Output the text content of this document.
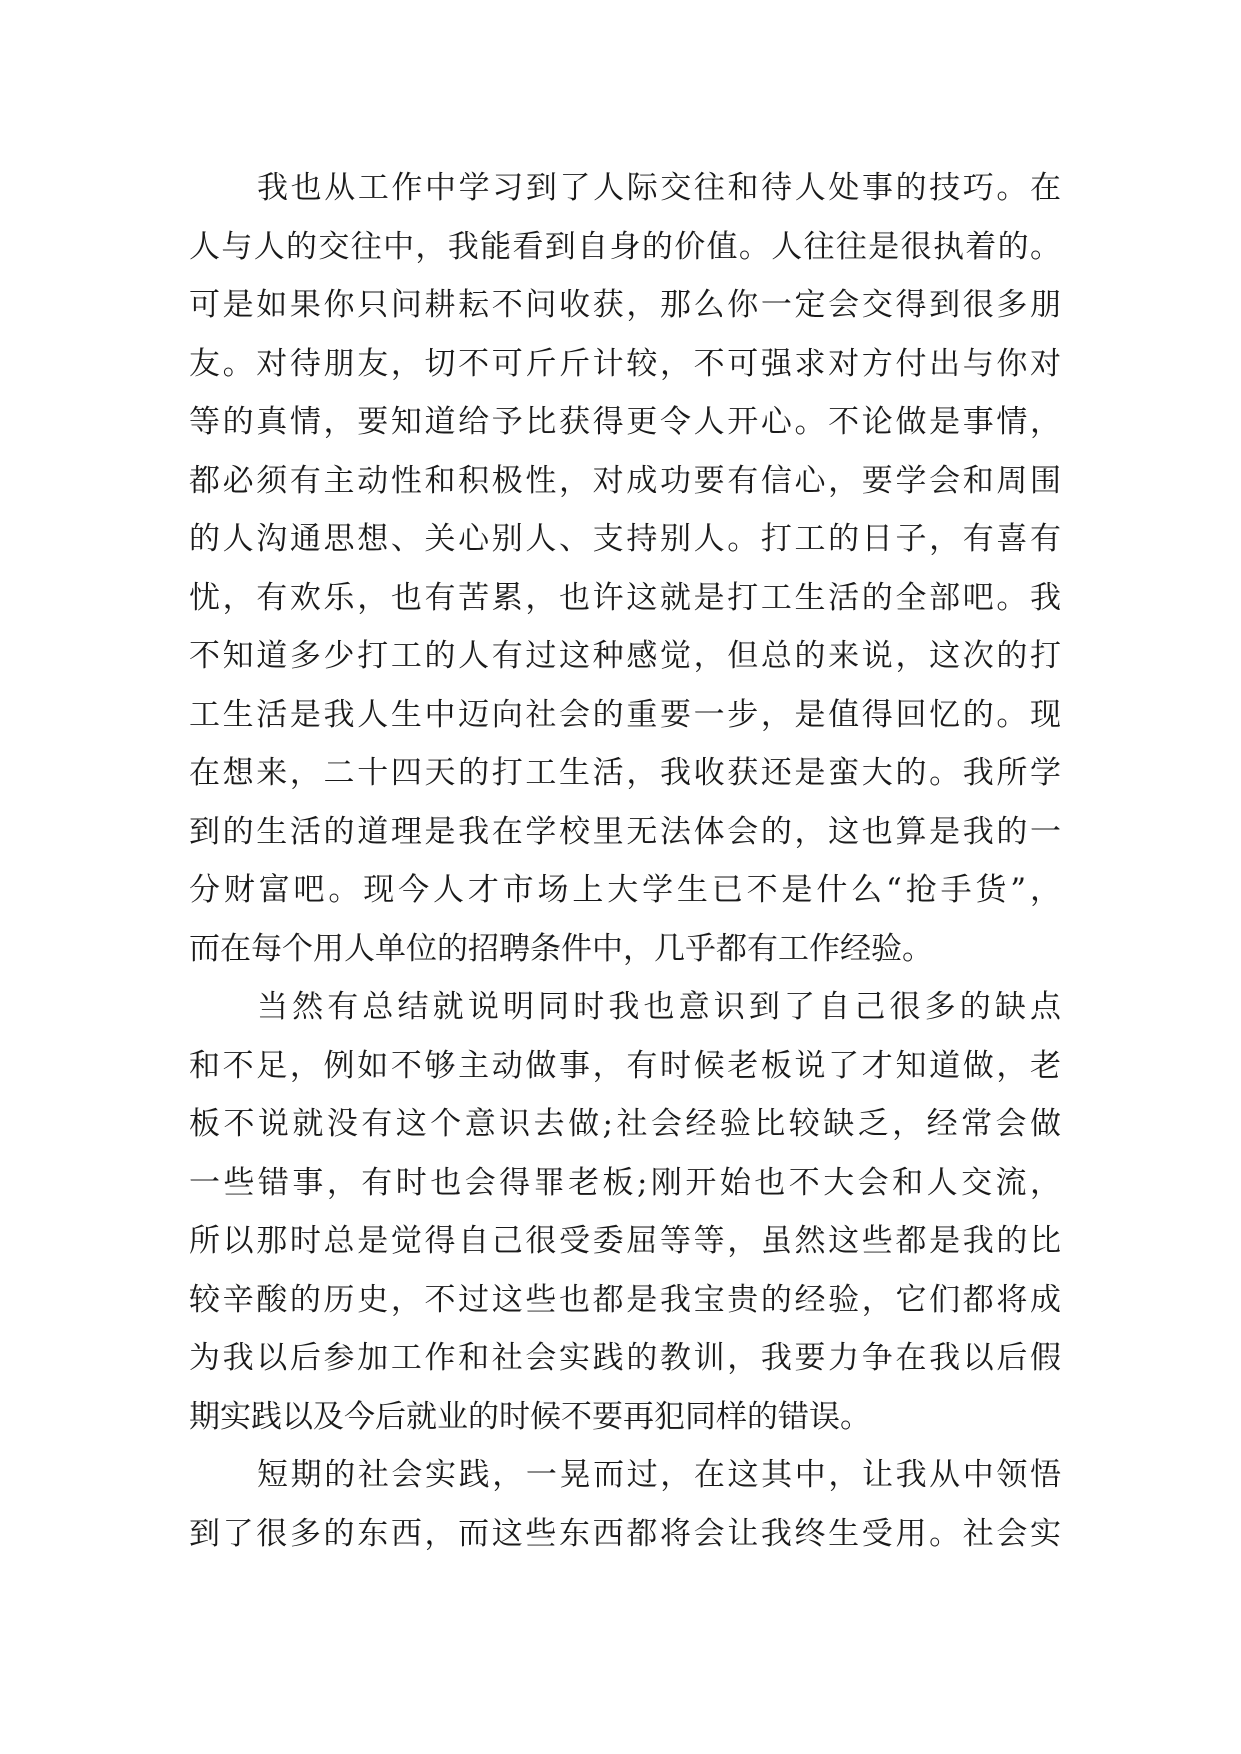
我也从工作中学习到了人际交往和待人处事的技巧。在
人与人的交往中，我能看到自身的价值。人往往是很执着的。
可是如果你只问耕耘不问收获，那么你一定会交得到很多朋
友。对待朋友，切不可斤斤计较，不可强求对方付出与你对
等的真情，要知道给予比获得更令人开心。不论做是事情，
都必须有主动性和积极性，对成功要有信心，要学会和周围
的人沟通思想、关心别人、支持别人。打工的日子，有喜有
忧，有欢乐，也有苦累，也许这就是打工生活的全部吧。我
不知道多少打工的人有过这种感觉，但总的来说，这次的打
工生活是我人生中迈向社会的重要一步，是值得回忆的。现
在想来，二十四天的打工生活，我收获还是蛮大的。我所学
到的生活的道理是我在学校里无法体会的，这也算是我的一
分财富吧。现今人才市场上大学生已不是什么“抢手货”，
而在每个用人单位的招聘条件中，几乎都有工作经验。
当然有总结就说明同时我也意识到了自己很多的缺点
和不足，例如不够主动做事，有时候老板说了才知道做，老
板不说就没有这个意识去做;社会经验比较缺乏，经常会做
一些错事，有时也会得罪老板;刚开始也不大会和人交流，
所以那时总是觉得自己很受委屈等等，虽然这些都是我的比
较辛酸的历史，不过这些也都是我宝贵的经验，它们都将成
为我以后参加工作和社会实践的教训，我要力争在我以后假
期实践以及今后就业的时候不要再犯同样的错误。
短期的社会实践，一晃而过，在这其中，让我从中领悟
到了很多的东西，而这些东西都将会让我终生受用。社会实
